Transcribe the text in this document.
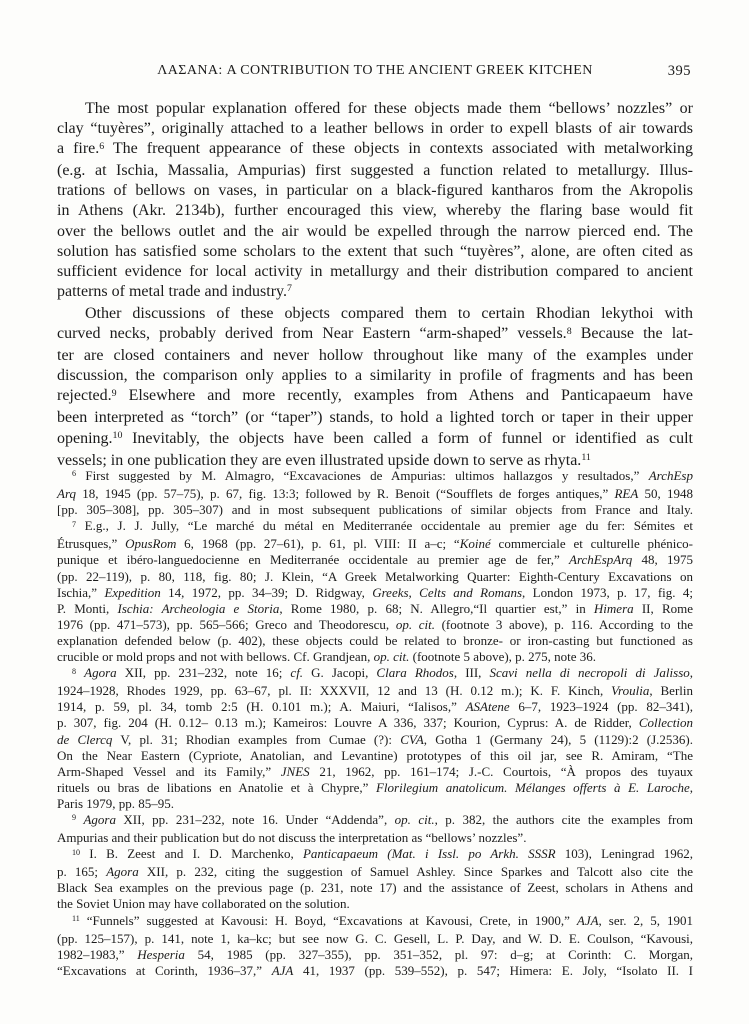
ΛΑΣΑΝΑ: A CONTRIBUTION TO THE ANCIENT GREEK KITCHEN	395
The most popular explanation offered for these objects made them “bellows’ nozzles” or
clay “tuyères”, originally attached to a leather bellows in order to expell blasts of air towards
a fire.$^6$ The frequent appearance of these objects in contexts associated with metalworking
(e.g. at Ischia, Massalia, Ampurias) first suggested a function related to metallurgy. Illus-
trations of bellows on vases, in particular on a black-figured kantharos from the Akropolis
in Athens (Akr. 2134b), further encouraged this view, whereby the flaring base would fit
over the bellows outlet and the air would be expelled through the narrow pierced end. The
solution has satisfied some scholars to the extent that such “tuyères”, alone, are often cited as
sufficient evidence for local activity in metallurgy and their distribution compared to ancient
patterns of metal trade and industry.$^7$
Other discussions of these objects compared them to certain Rhodian lekythoi with
curved necks, probably derived from Near Eastern “arm-shaped” vessels.$^8$ Because the lat-
ter are closed containers and never hollow throughout like many of the examples under
discussion, the comparison only applies to a similarity in profile of fragments and has been
rejected.$^9$ Elsewhere and more recently, examples from Athens and Panticapaeum have
been interpreted as “torch” (or “taper”) stands, to hold a lighted torch or taper in their upper
opening.$^{10}$ Inevitably, the objects have been called a form of funnel or identified as cult
vessels; in one publication they are even illustrated upside down to serve as rhyta.$^{11}$
$^6$ First suggested by M. Almagro, “Excavaciones de Ampurias: ultimos hallazgos y resultados,” ArchEsp
Arq 18, 1945 (pp. 57–75), p. 67, fig. 13:3; followed by R. Benoit (“Soufflets de forges antiques,” REA 50, 1948
[pp. 305–308], pp. 305–307) and in most subsequent publications of similar objects from France and Italy.
$^7$ E.g., J. J. Jully, “Le marché du métal en Mediterranée occidentale au premier age du fer: Sémites et
Étrusques,” OpusRom 6, 1968 (pp. 27–61), p. 61, pl. VIII: II a–c; “Koiné commerciale et culturelle phénico-
punique et ibéro-languedocienne en Mediterranée occidentale au premier age de fer,” ArchEspArq 48, 1975
(pp. 22–119), p. 80, 118, fig. 80; J. Klein, “A Greek Metalworking Quarter: Eighth-Century Excavations on
Ischia,” Expedition 14, 1972, pp. 34–39; D. Ridgway, Greeks, Celts and Romans, London 1973, p. 17, fig. 4;
P. Monti, Ischia: Archeologia e Storia, Rome 1980, p. 68; N. Allegro,“Il quartier est,” in Himera II, Rome
1976 (pp. 471–573), pp. 565–566; Greco and Theodorescu, op. cit. (footnote 3 above), p. 116. According to the
explanation defended below (p. 402), these objects could be related to bronze- or iron-casting but functioned as
crucible or mold props and not with bellows. Cf. Grandjean, op. cit. (footnote 5 above), p. 275, note 36.
$^8$ Agora XII, pp. 231–232, note 16; cf. G. Jacopi, Clara Rhodos, III, Scavi nella di necropoli di Jalisso,
1924–1928, Rhodes 1929, pp. 63–67, pl. II: XXXVII, 12 and 13 (H. 0.12 m.); K. F. Kinch, Vroulia, Berlin
1914, p. 59, pl. 34, tomb 2:5 (H. 0.101 m.); A. Maiuri, “Ialisos,” ASAtene 6–7, 1923–1924 (pp. 82–341),
p. 307, fig. 204 (H. 0.12– 0.13 m.); Kameiros: Louvre A 336, 337; Kourion, Cyprus: A. de Ridder, Collection
de Clercq V, pl. 31; Rhodian examples from Cumae (?): CVA, Gotha 1 (Germany 24), 5 (1129):2 (J.2536).
On the Near Eastern (Cypriote, Anatolian, and Levantine) prototypes of this oil jar, see R. Amiram, “The
Arm-Shaped Vessel and its Family,” JNES 21, 1962, pp. 161–174; J.-C. Courtois, “À propos des tuyaux
rituels ou bras de libations en Anatolie et à Chypre,” Florilegium anatolicum. Mélanges offerts à E. Laroche,
Paris 1979, pp. 85–95.
$^9$ Agora XII, pp. 231–232, note 16. Under “Addenda”, op. cit., p. 382, the authors cite the examples from
Ampurias and their publication but do not discuss the interpretation as “bellows’ nozzles”.
$^{10}$ I. B. Zeest and I. D. Marchenko, Panticapaeum (Mat. i Issl. po Arkh. SSSR 103), Leningrad 1962,
p. 165; Agora XII, p. 232, citing the suggestion of Samuel Ashley. Since Sparkes and Talcott also cite the
Black Sea examples on the previous page (p. 231, note 17) and the assistance of Zeest, scholars in Athens and
the Soviet Union may have collaborated on the solution.
$^{11}$ “Funnels” suggested at Kavousi: H. Boyd, “Excavations at Kavousi, Crete, in 1900,” AJA, ser. 2, 5, 1901
(pp. 125–157), p. 141, note 1, ka–kc; but see now G. C. Gesell, L. P. Day, and W. D. E. Coulson, “Kavousi,
1982–1983,” Hesperia 54, 1985 (pp. 327–355), pp. 351–352, pl. 97: d–g; at Corinth: C. Morgan,
“Excavations at Corinth, 1936–37,” AJA 41, 1937 (pp. 539–552), p. 547; Himera: E. Joly, “Isolato II. I
